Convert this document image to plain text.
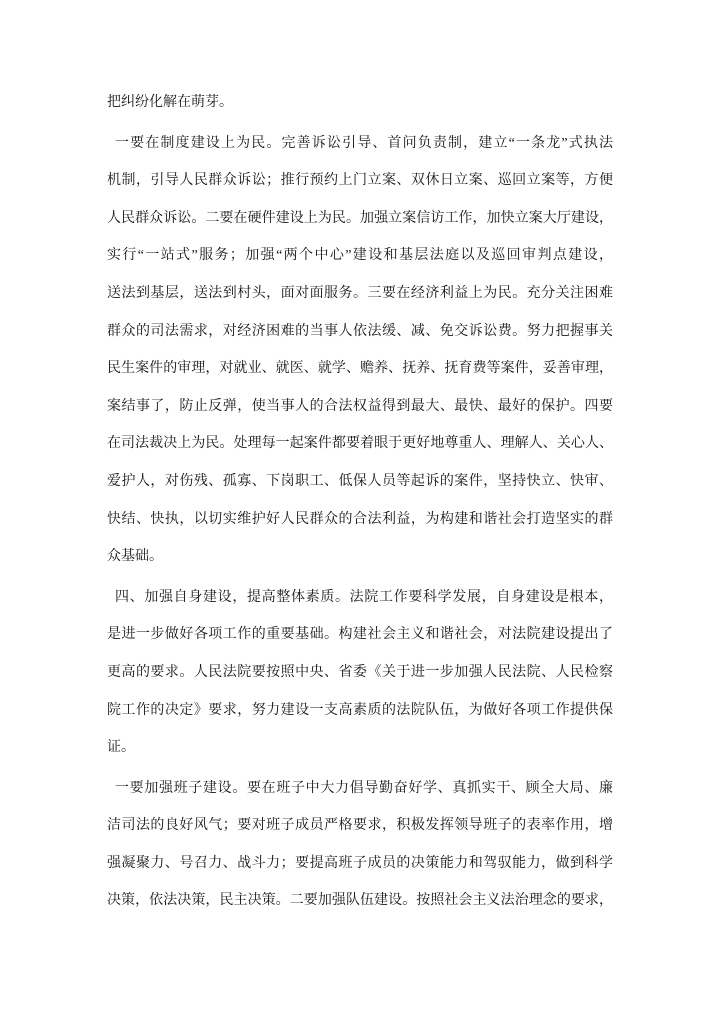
把纠纷化解在萌芽。
一要在制度建设上为民。完善诉讼引导、首问负责制，建立“一条龙”式执法
机制，引导人民群众诉讼；推行预约上门立案、双休日立案、巡回立案等，方便
人民群众诉讼。二要在硬件建设上为民。加强立案信访工作，加快立案大厅建设，
实行“一站式”服务；加强“两个中心”建设和基层法庭以及巡回审判点建设，
送法到基层，送法到村头，面对面服务。三要在经济利益上为民。充分关注困难
群众的司法需求，对经济困难的当事人依法缓、减、免交诉讼费。努力把握事关
民生案件的审理，对就业、就医、就学、赡养、抚养、抚育费等案件，妥善审理，
案结事了，防止反弹，使当事人的合法权益得到最大、最快、最好的保护。四要
在司法裁决上为民。处理每一起案件都要着眼于更好地尊重人、理解人、关心人、
爱护人，对伤残、孤寡、下岗职工、低保人员等起诉的案件，坚持快立、快审、
快结、快执，以切实维护好人民群众的合法利益，为构建和谐社会打造坚实的群
众基础。
四、加强自身建设，提高整体素质。法院工作要科学发展，自身建设是根本，
是进一步做好各项工作的重要基础。构建社会主义和谐社会，对法院建设提出了
更高的要求。人民法院要按照中央、省委《关于进一步加强人民法院、人民检察
院工作的决定》要求，努力建设一支高素质的法院队伍，为做好各项工作提供保
证。
一要加强班子建设。要在班子中大力倡导勤奋好学、真抓实干、顾全大局、廉
洁司法的良好风气；要对班子成员严格要求，积极发挥领导班子的表率作用，增
强凝聚力、号召力、战斗力；要提高班子成员的决策能力和驾驭能力，做到科学
决策，依法决策，民主决策。二要加强队伍建设。按照社会主义法治理念的要求，
